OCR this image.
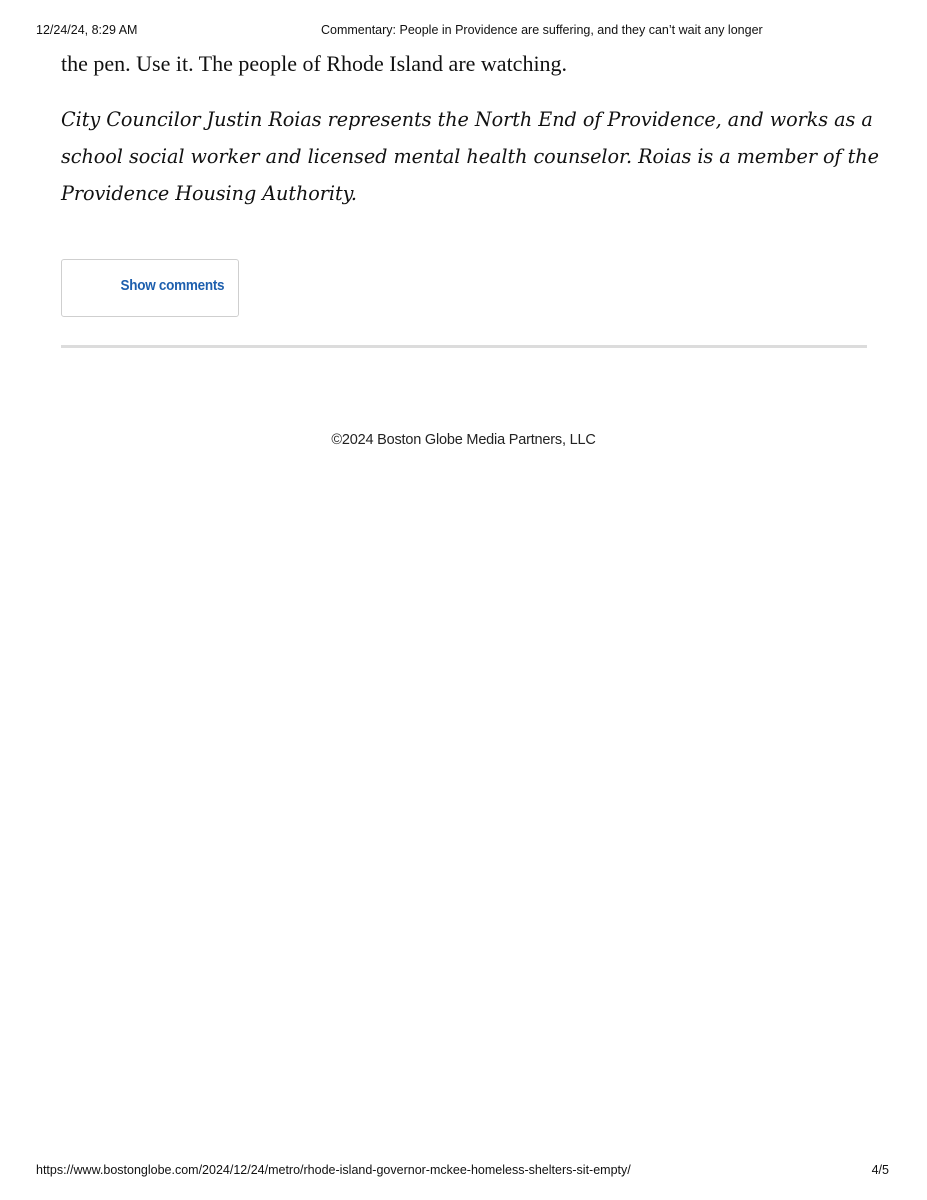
12/24/24, 8:29 AM	Commentary: People in Providence are suffering, and they can’t wait any longer

the pen. Use it. The people of Rhode Island are watching.

City Councilor Justin Roias represents the North End of Providence, and works as a
school social worker and licensed mental health counselor. Roias is a member of the
Providence Housing Authority.

Show comments
©2024 Boston Globe Media Partners, LLC
https://www.bostonglobe.com/2024/12/24/metro/rhode-island-governor-mckee-homeless-shelters-sit-empty/	4/5
